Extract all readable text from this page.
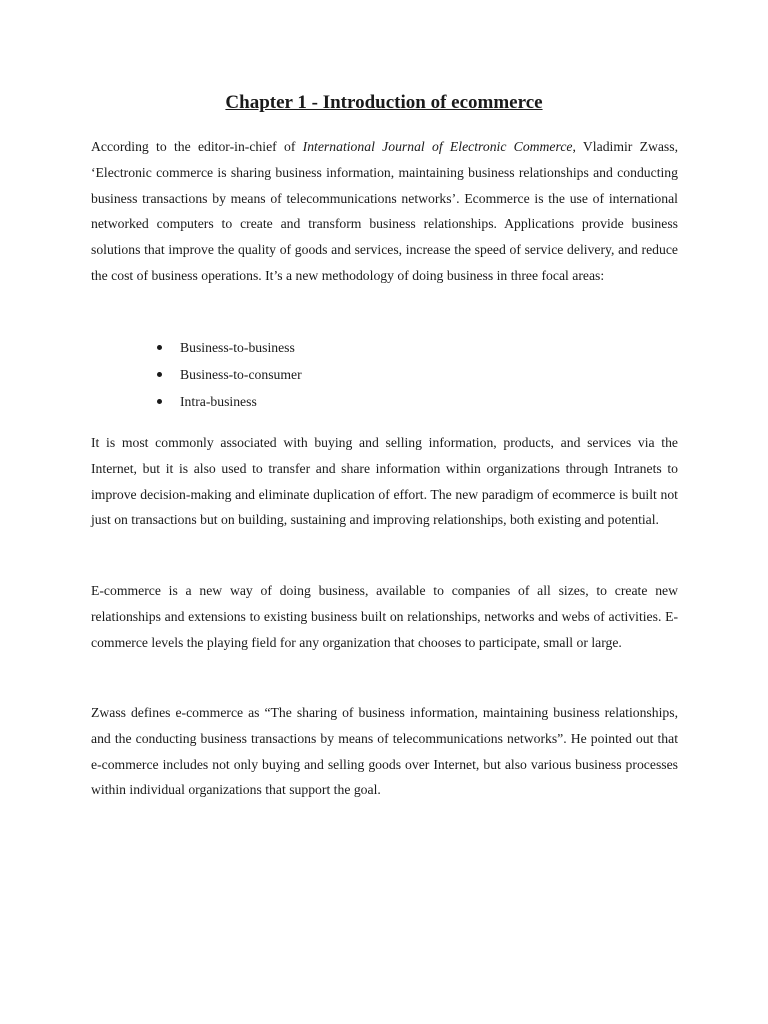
Chapter 1 - Introduction of ecommerce

According to the editor-in-chief of International Journal of Electronic Commerce, Vladimir Zwass, ‘Electronic commerce is sharing business information, maintaining business relationships and conducting business transactions by means of telecommunications networks’. Ecommerce is the use of international networked computers to create and transform business relationships. Applications provide business solutions that improve the quality of goods and services, increase the speed of service delivery, and reduce the cost of business operations. It’s a new methodology of doing business in three focal areas:

Business-to-business
Business-to-consumer
Intra-business

It is most commonly associated with buying and selling information, products, and services via the Internet, but it is also used to transfer and share information within organizations through Intranets to improve decision-making and eliminate duplication of effort. The new paradigm of ecommerce is built not just on transactions but on building, sustaining and improving relationships, both existing and potential.

E-commerce is a new way of doing business, available to companies of all sizes, to create new relationships and extensions to existing business built on relationships, networks and webs of activities. E-commerce levels the playing field for any organization that chooses to participate, small or large.

Zwass defines e-commerce as “The sharing of business information, maintaining business relationships, and the conducting business transactions by means of telecommunications networks”. He pointed out that e-commerce includes not only buying and selling goods over Internet, but also various business processes within individual organizations that support the goal.
